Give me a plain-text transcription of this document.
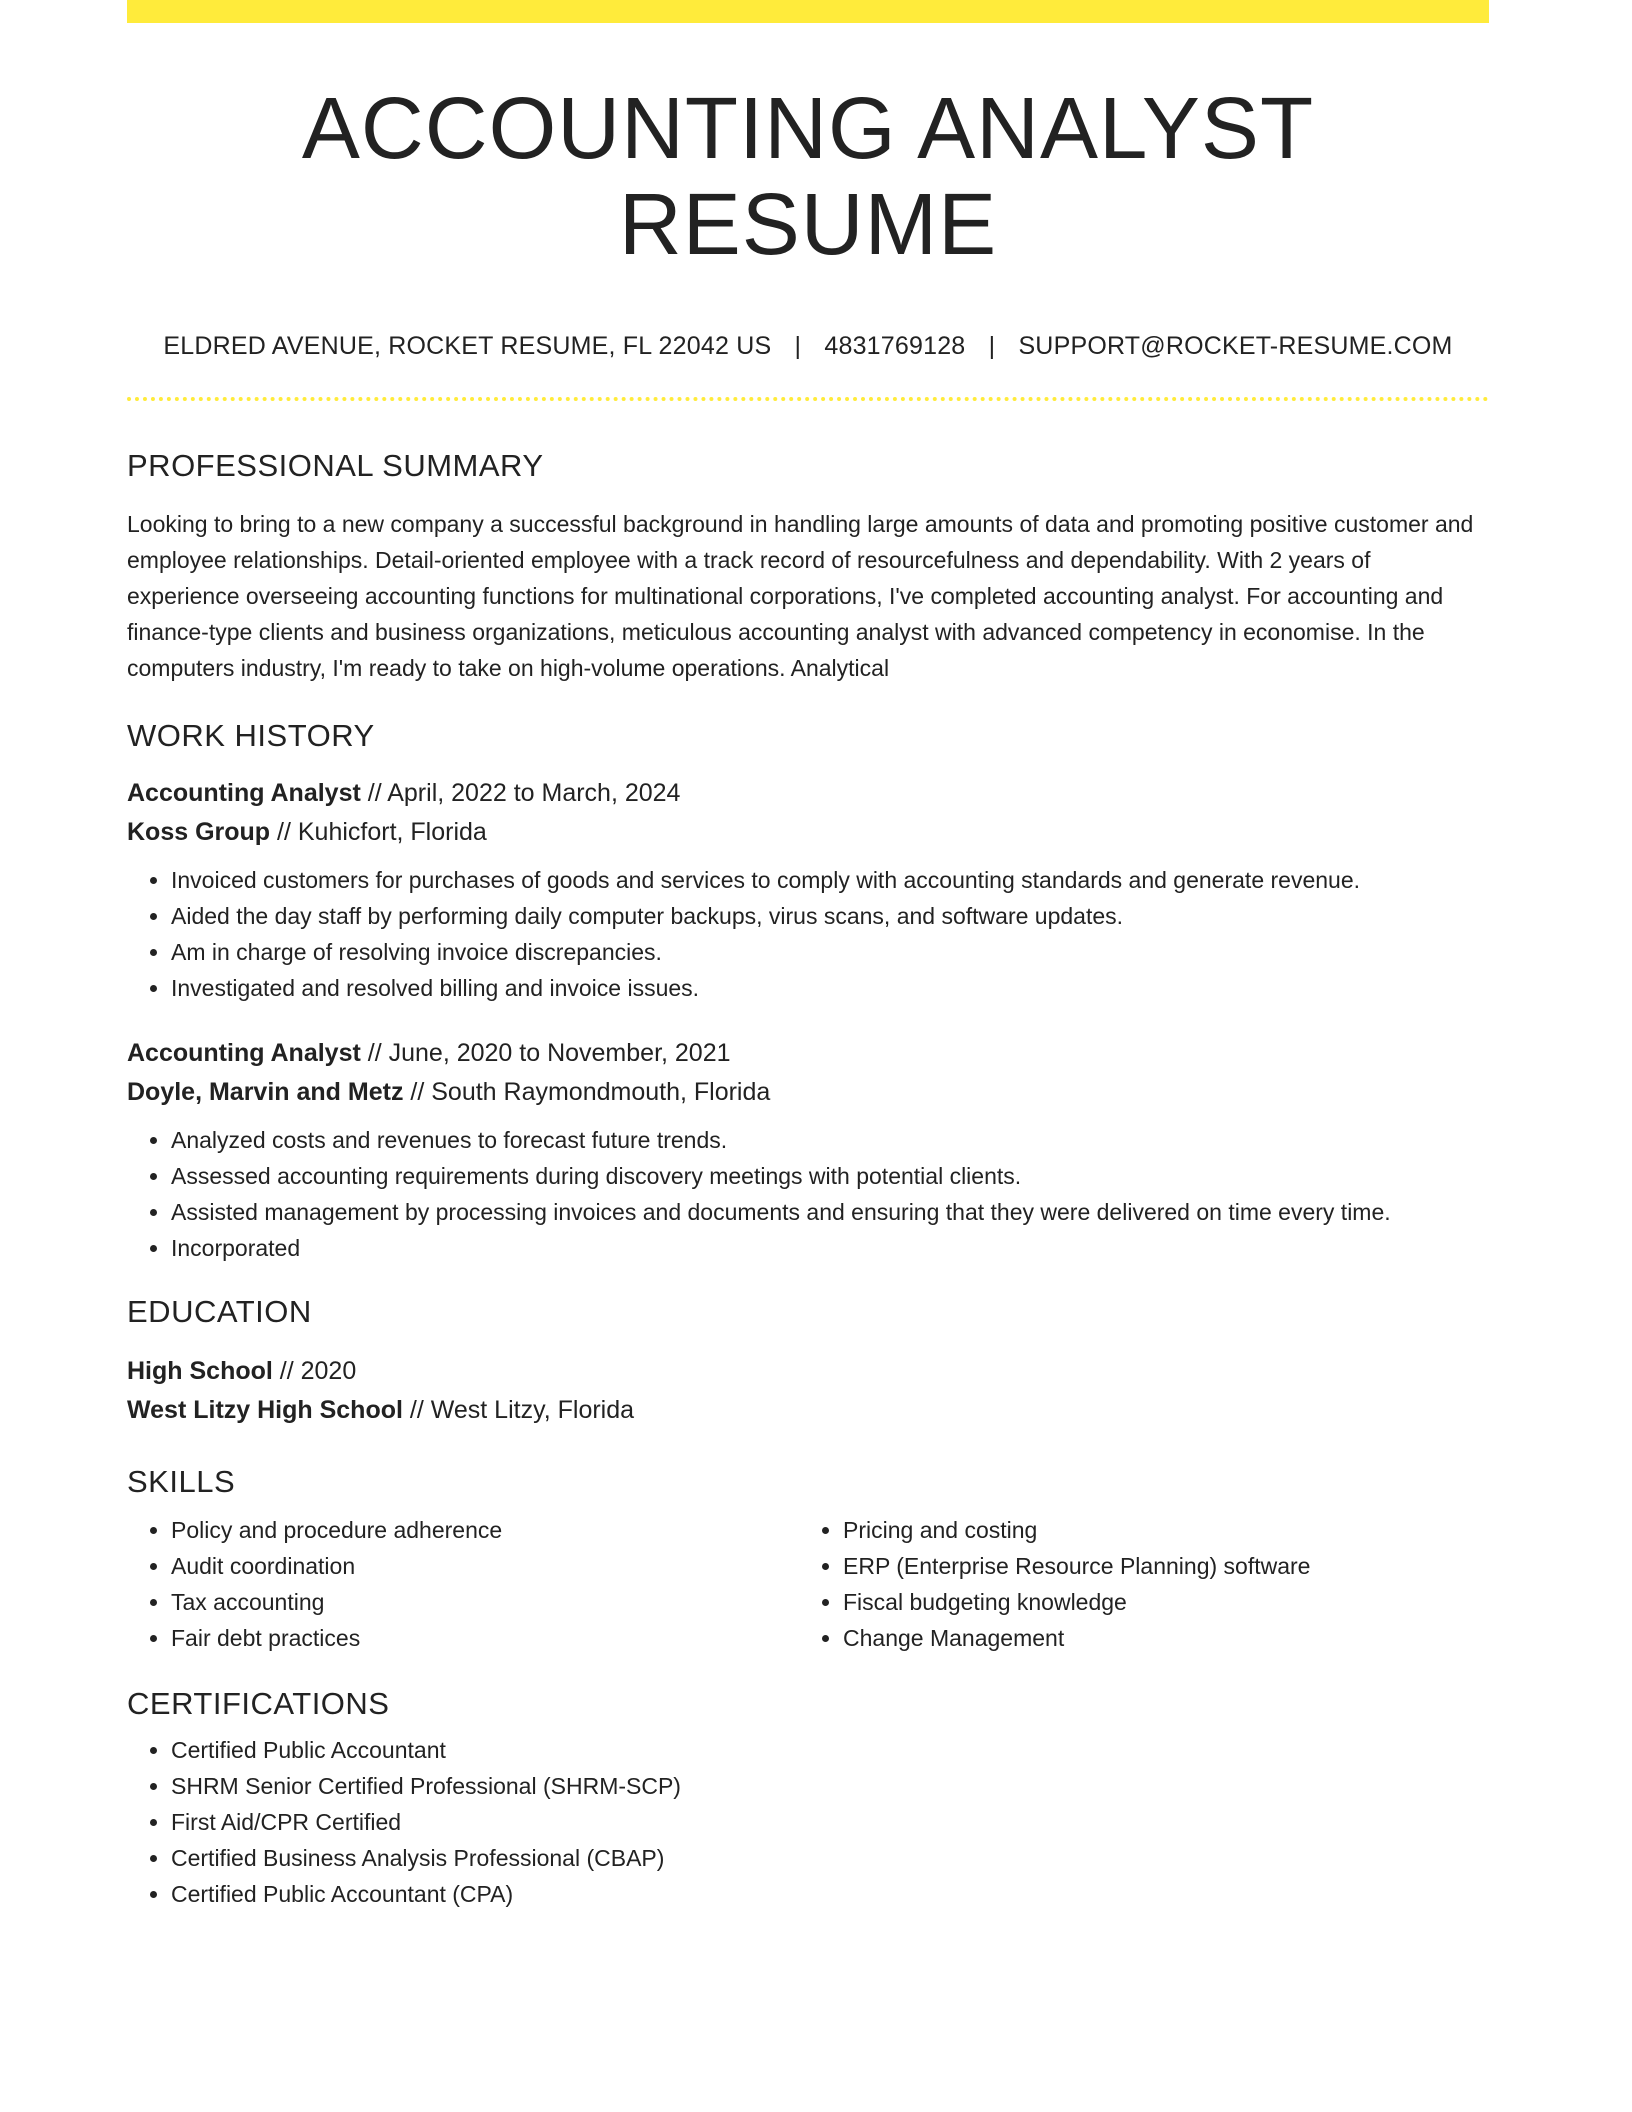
ACCOUNTING ANALYST RESUME
ELDRED AVENUE, ROCKET RESUME, FL 22042 US | 4831769128 | SUPPORT@ROCKET-RESUME.COM
PROFESSIONAL SUMMARY
Looking to bring to a new company a successful background in handling large amounts of data and promoting positive customer and employee relationships. Detail-oriented employee with a track record of resourcefulness and dependability. With 2 years of experience overseeing accounting functions for multinational corporations, I've completed accounting analyst. For accounting and finance-type clients and business organizations, meticulous accounting analyst with advanced competency in economise. In the computers industry, I'm ready to take on high-volume operations. Analytical
WORK HISTORY
Accounting Analyst // April, 2022 to March, 2024
Koss Group // Kuhicfort, Florida
• Invoiced customers for purchases of goods and services to comply with accounting standards and generate revenue.
• Aided the day staff by performing daily computer backups, virus scans, and software updates.
• Am in charge of resolving invoice discrepancies.
• Investigated and resolved billing and invoice issues.
Accounting Analyst // June, 2020 to November, 2021
Doyle, Marvin and Metz // South Raymondmouth, Florida
• Analyzed costs and revenues to forecast future trends.
• Assessed accounting requirements during discovery meetings with potential clients.
• Assisted management by processing invoices and documents and ensuring that they were delivered on time every time.
• Incorporated
EDUCATION
High School // 2020
West Litzy High School // West Litzy, Florida
SKILLS
• Policy and procedure adherence
• Audit coordination
• Tax accounting
• Fair debt practices
• Pricing and costing
• ERP (Enterprise Resource Planning) software
• Fiscal budgeting knowledge
• Change Management
CERTIFICATIONS
• Certified Public Accountant
• SHRM Senior Certified Professional (SHRM-SCP)
• First Aid/CPR Certified
• Certified Business Analysis Professional (CBAP)
• Certified Public Accountant (CPA)
